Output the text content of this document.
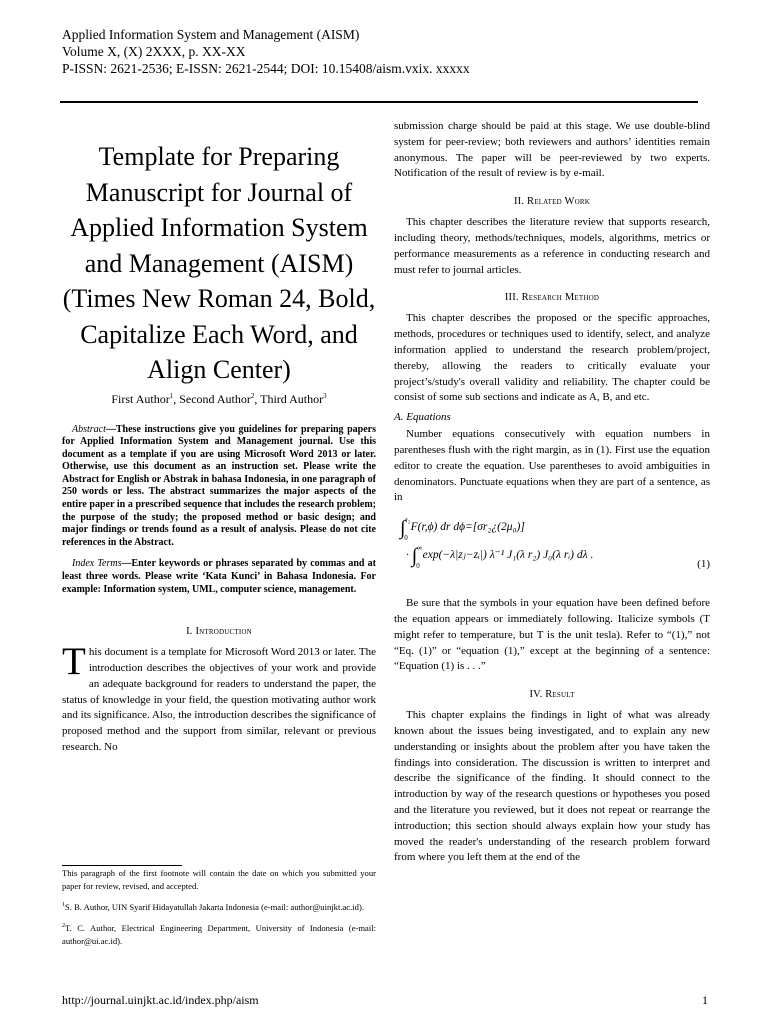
Applied Information System and Management (AISM)
Volume X, (X) 2XXX, p. XX-XX
P-ISSN: 2621-2536; E-ISSN: 2621-2544; DOI: 10.15408/aism.vxix. xxxxx
Template for Preparing Manuscript for Journal of Applied Information System and Management (AISM) (Times New Roman 24, Bold, Capitalize Each Word, and Align Center)
First Author$^1$, Second Author$^2$, Third Author$^3$
Abstract—These instructions give you guidelines for preparing papers for Applied Information System and Management journal. Use this document as a template if you are using Microsoft Word 2013 or later. Otherwise, use this document as an instruction set. Please write the Abstract for English or Abstrak in bahasa Indonesia, in one paragraph of 250 words or less. The abstract summarizes the major aspects of the entire paper in a prescribed sequence that includes the research problem; the purpose of the study; the proposed method or basic design; and major findings or trends found as a result of analysis. Please do not cite references in the Abstract.
Index Terms—Enter keywords or phrases separated by commas and at least three words. Please write ‘Kata Kunci’ in Bahasa Indonesia. For example: Information system, UML, computer science, management.
I. Introduction
This document is a template for Microsoft Word 2013 or later. The introduction describes the objectives of your work and provide an adequate background for readers to understand the paper, the status of knowledge in your field, the question motivating author work and its significance. Also, the introduction describes the significance of proposed method and the support from similar, relevant or previous research. No

This paragraph of the first footnote will contain the date on which you submitted your paper for review, revised, and accepted.

$^1$S. B. Author, UIN Syarif Hidayatullah Jakarta Indonesia (e-mail: author@uinjkt.ac.id).

$^2$T. C. Author, Electrical Engineering Department, University of Indonesia (e-mail: author@ui.ac.id).

submission charge should be paid at this stage. We use double-blind system for peer-review; both reviewers and authors’ identities remain anonymous. The paper will be peer-reviewed by two experts. Notification of the result of review is by e-mail.

II. Related Work

This chapter describes the literature review that supports research, including theory, methods/techniques, models, algorithms, metrics or performance measurements as a reference in conducting research and must refer to journal articles.

III. Research Method

This chapter describes the proposed or the specific approaches, methods, procedures or techniques used to identify, select, and analyze information applied to understand the research problem/project, thereby, allowing the readers to critically evaluate your project’s/study's overall validity and reliability. The chapter could be consist of some sub sections and indicate as A, B, and etc.

A. Equations

Number equations consecutively with equation numbers in parentheses flush with the right margin, as in (1). First use the equation editor to create the equation. Use parentheses to avoid ambiguities in denominators. Punctuate equations when they are part of a sentence, as in

∫$^{r_2}_0$ F(r,ϕ) dr dϕ=[σr₂¿(2μ₀)]
· $\int^\infty_0$ exp(−λ|zⱼ−zᵢ|) λ⁻¹ J₁(λ r₂) J₀(λ rᵢ) dλ .
(1)

Be sure that the symbols in your equation have been defined before the equation appears or immediately following. Italicize symbols (T might refer to temperature, but T is the unit tesla). Refer to “(1),” not “Eq. (1)” or “equation (1),” except at the beginning of a sentence: “Equation (1) is . . .”

IV. Result

This chapter explains the findings in light of what was already known about the issues being investigated, and to explain any new understanding or insights about the problem after you have taken the findings into consideration. The discussion is written to interpret and describe the significance of the finding. It should connect to the introduction by way of the research questions or hypotheses you posed and the literature you reviewed, but it does not repeat or rearrange the introduction; this section should always explain how your study has moved the reader's understanding of the research problem forward from where you left them at the end of the

http://journal.uinjkt.ac.id/index.php/aism	1
